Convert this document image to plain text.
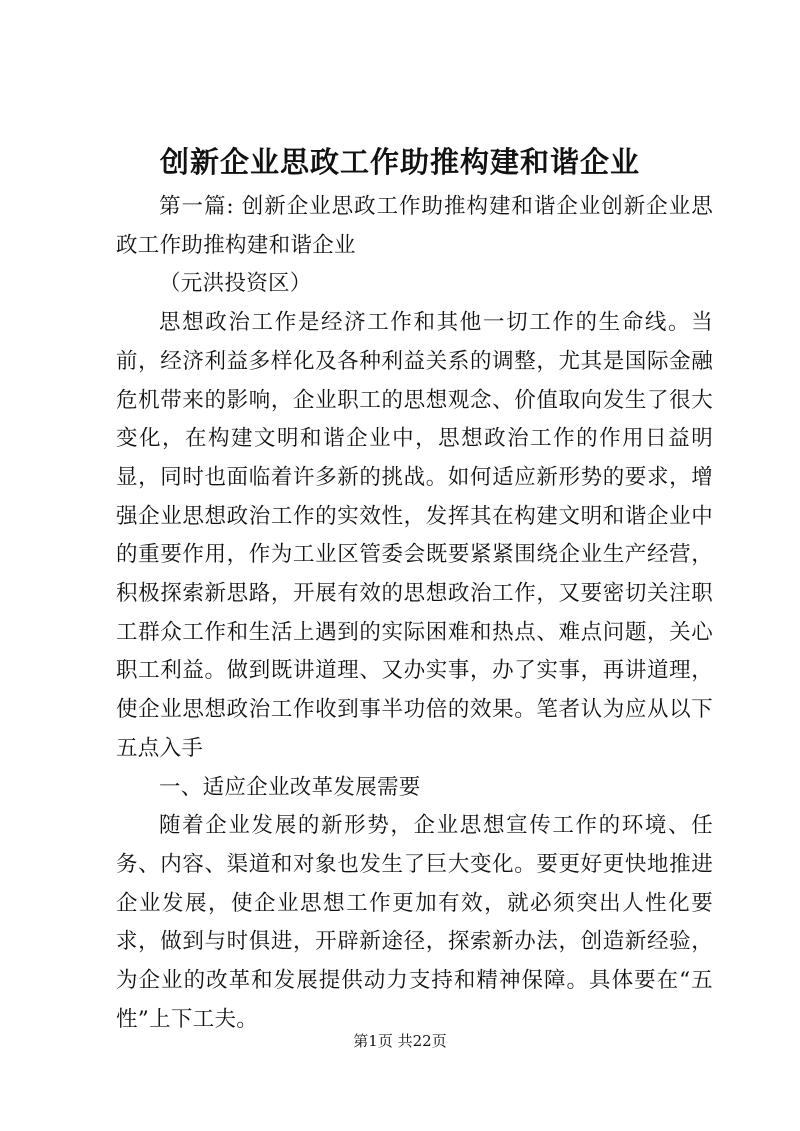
创新企业思政工作助推构建和谐企业

第一篇: 创新企业思政工作助推构建和谐企业创新企业思政工作助推构建和谐企业

（元洪投资区）

思想政治工作是经济工作和其他一切工作的生命线。当前，经济利益多样化及各种利益关系的调整，尤其是国际金融危机带来的影响，企业职工的思想观念、价值取向发生了很大变化，在构建文明和谐企业中，思想政治工作的作用日益明显，同时也面临着许多新的挑战。如何适应新形势的要求，增强企业思想政治工作的实效性，发挥其在构建文明和谐企业中的重要作用，作为工业区管委会既要紧紧围绕企业生产经营，积极探索新思路，开展有效的思想政治工作，又要密切关注职工群众工作和生活上遇到的实际困难和热点、难点问题，关心职工利益。做到既讲道理、又办实事，办了实事，再讲道理，使企业思想政治工作收到事半功倍的效果。笔者认为应从以下五点入手

一、适应企业改革发展需要

随着企业发展的新形势，企业思想宣传工作的环境、任务、内容、渠道和对象也发生了巨大变化。要更好更快地推进企业发展，使企业思想工作更加有效，就必须突出人性化要求，做到与时俱进，开辟新途径，探索新办法，创造新经验，为企业的改革和发展提供动力支持和精神保障。具体要在“五性”上下工夫。

第1页 共22页
